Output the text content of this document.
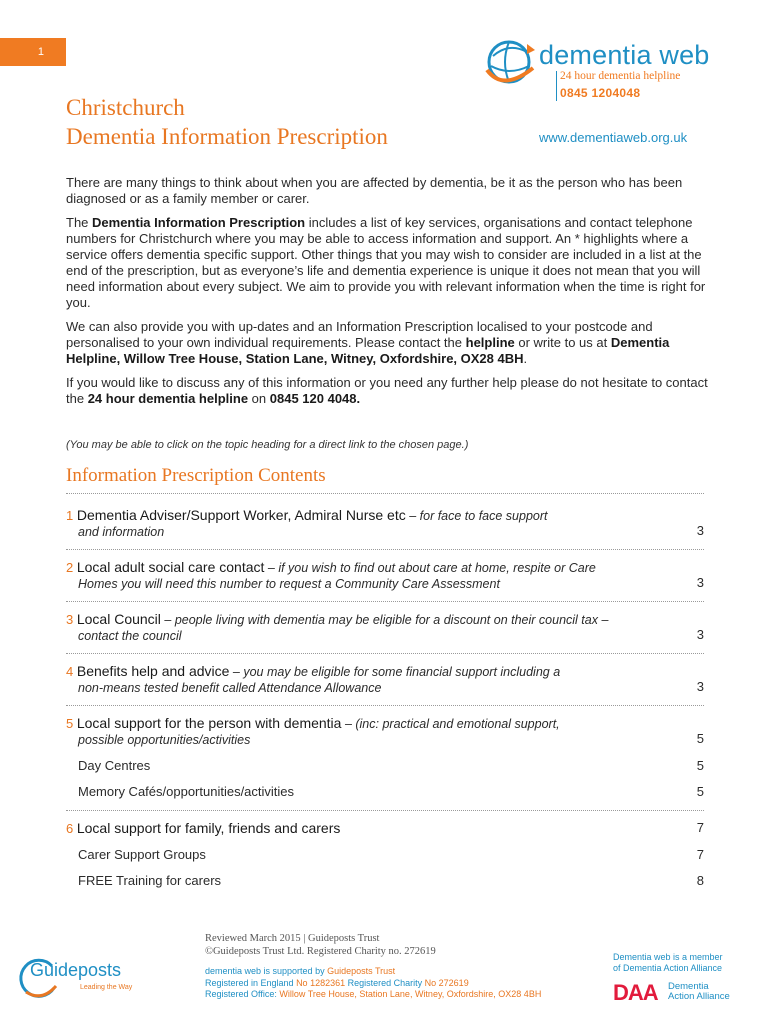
1	dementia web
24 hour dementia helpline
0845 1204048
Christchurch
Dementia Information Prescription	www.dementiaweb.org.uk

There are many things to think about when you are affected by dementia, be it as the person who has been diagnosed or as a family member or carer.

The Dementia Information Prescription includes a list of key services, organisations and contact telephone numbers for Christchurch where you may be able to access information and support. An * highlights where a service offers dementia specific support. Other things that you may wish to consider are included in a list at the end of the prescription, but as everyone’s life and dementia experience is unique it does not mean that you will need information about every subject. We aim to provide you with relevant information when the time is right for you.

We can also provide you with up-dates and an Information Prescription localised to your postcode and personalised to your own individual requirements. Please contact the helpline or write to us at Dementia Helpline, Willow Tree House, Station Lane, Witney, Oxfordshire, OX28 4BH.

If you would like to discuss any of this information or you need any further help please do not hesitate to contact the 24 hour dementia helpline on 0845 120 4048.

(You may be able to click on the topic heading for a direct link to the chosen page.)
Information Prescription Contents
1 Dementia Adviser/Support Worker, Admiral Nurse etc – for face to face support
and information	3
2 Local adult social care contact – if you wish to find out about care at home, respite or Care
Homes you will need this number to request a Community Care Assessment	3
3 Local Council – people living with dementia may be eligible for a discount on their council tax –
contact the council	3
4 Benefits help and advice – you may be eligible for some financial support including a
non-means tested benefit called Attendance Allowance	3
5 Local support for the person with dementia – (inc: practical and emotional support,
possible opportunities/activities	5
Day Centres	5
Memory Cafés/opportunities/activities	5
6 Local support for family, friends and carers	7
Carer Support Groups	7
FREE Training for carers	8
Guideposts
Leading the Way
Reviewed March 2015 | Guideposts Trust
©Guideposts Trust Ltd. Registered Charity no. 272619
dementia web is supported by Guideposts Trust
Registered in England No 1282361 Registered Charity No 272619
Registered Office: Willow Tree House, Station Lane, Witney, Oxfordshire, OX28 4BH
Dementia web is a member
of Dementia Action Alliance
DAA Dementia
Action Alliance
